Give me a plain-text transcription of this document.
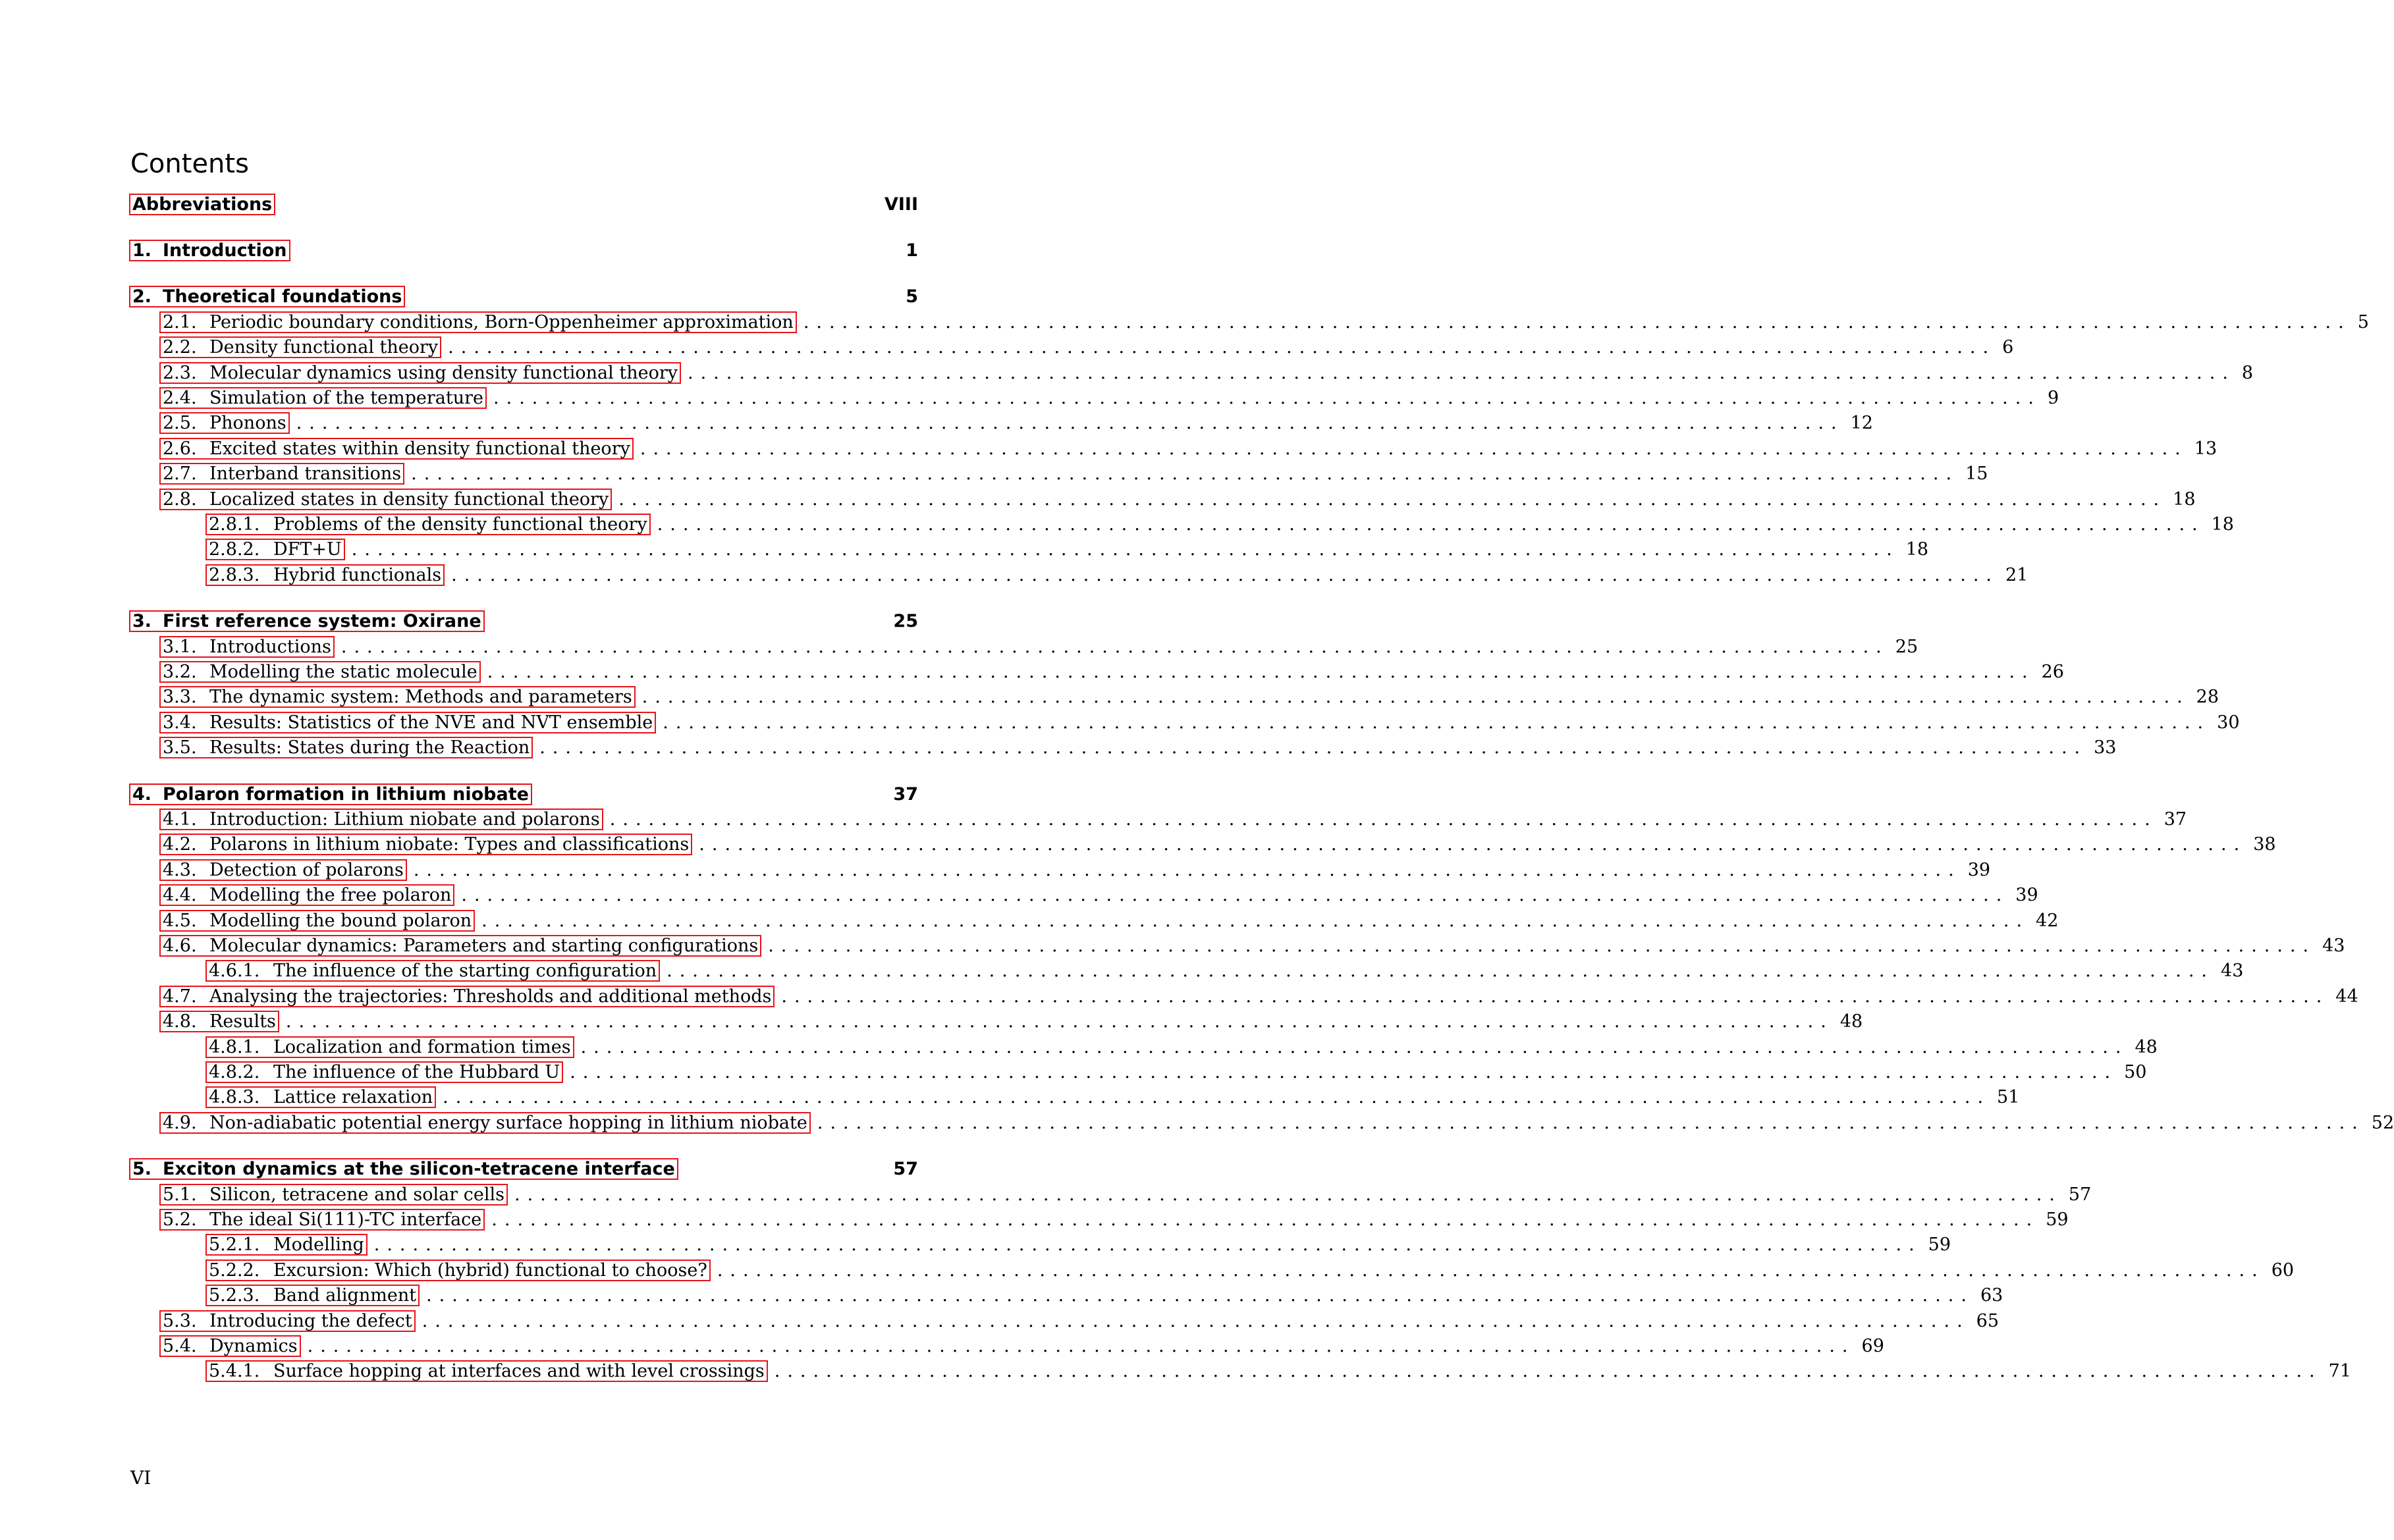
Contents
Abbreviations	VIII
1. Introduction	1
2. Theoretical foundations	5
2.1. Periodic boundary conditions, Born-Oppenheimer approximation ........................................................................................................................ 5
2.2. Density functional theory ........................................................................................................................ 6
2.3. Molecular dynamics using density functional theory ........................................................................................................................ 8
2.4. Simulation of the temperature ........................................................................................................................ 9
2.5. Phonons ........................................................................................................................ 12
2.6. Excited states within density functional theory ........................................................................................................................ 13
2.7. Interband transitions ........................................................................................................................ 15
2.8. Localized states in density functional theory ........................................................................................................................ 18
2.8.1. Problems of the density functional theory ........................................................................................................................ 18
2.8.2. DFT+U ........................................................................................................................ 18
2.8.3. Hybrid functionals ........................................................................................................................ 21
3. First reference system: Oxirane	25
3.1. Introductions ........................................................................................................................ 25
3.2. Modelling the static molecule ........................................................................................................................ 26
3.3. The dynamic system: Methods and parameters ........................................................................................................................ 28
3.4. Results: Statistics of the NVE and NVT ensemble ........................................................................................................................ 30
3.5. Results: States during the Reaction ........................................................................................................................ 33
4. Polaron formation in lithium niobate	37
4.1. Introduction: Lithium niobate and polarons ........................................................................................................................ 37
4.2. Polarons in lithium niobate: Types and classifications ........................................................................................................................ 38
4.3. Detection of polarons ........................................................................................................................ 39
4.4. Modelling the free polaron ........................................................................................................................ 39
4.5. Modelling the bound polaron ........................................................................................................................ 42
4.6. Molecular dynamics: Parameters and starting configurations ........................................................................................................................ 43
4.6.1. The influence of the starting configuration ........................................................................................................................ 43
4.7. Analysing the trajectories: Thresholds and additional methods ........................................................................................................................ 44
4.8. Results ........................................................................................................................ 48
4.8.1. Localization and formation times ........................................................................................................................ 48
4.8.2. The influence of the Hubbard U ........................................................................................................................ 50
4.8.3. Lattice relaxation ........................................................................................................................ 51
4.9. Non-adiabatic potential energy surface hopping in lithium niobate ........................................................................................................................ 52
5. Exciton dynamics at the silicon-tetracene interface	57
5.1. Silicon, tetracene and solar cells ........................................................................................................................ 57
5.2. The ideal Si(111)-TC interface ........................................................................................................................ 59
5.2.1. Modelling ........................................................................................................................ 59
5.2.2. Excursion: Which (hybrid) functional to choose? ........................................................................................................................ 60
5.2.3. Band alignment ........................................................................................................................ 63
5.3. Introducing the defect ........................................................................................................................ 65
5.4. Dynamics ........................................................................................................................ 69
5.4.1. Surface hopping at interfaces and with level crossings ........................................................................................................................ 71
VI
